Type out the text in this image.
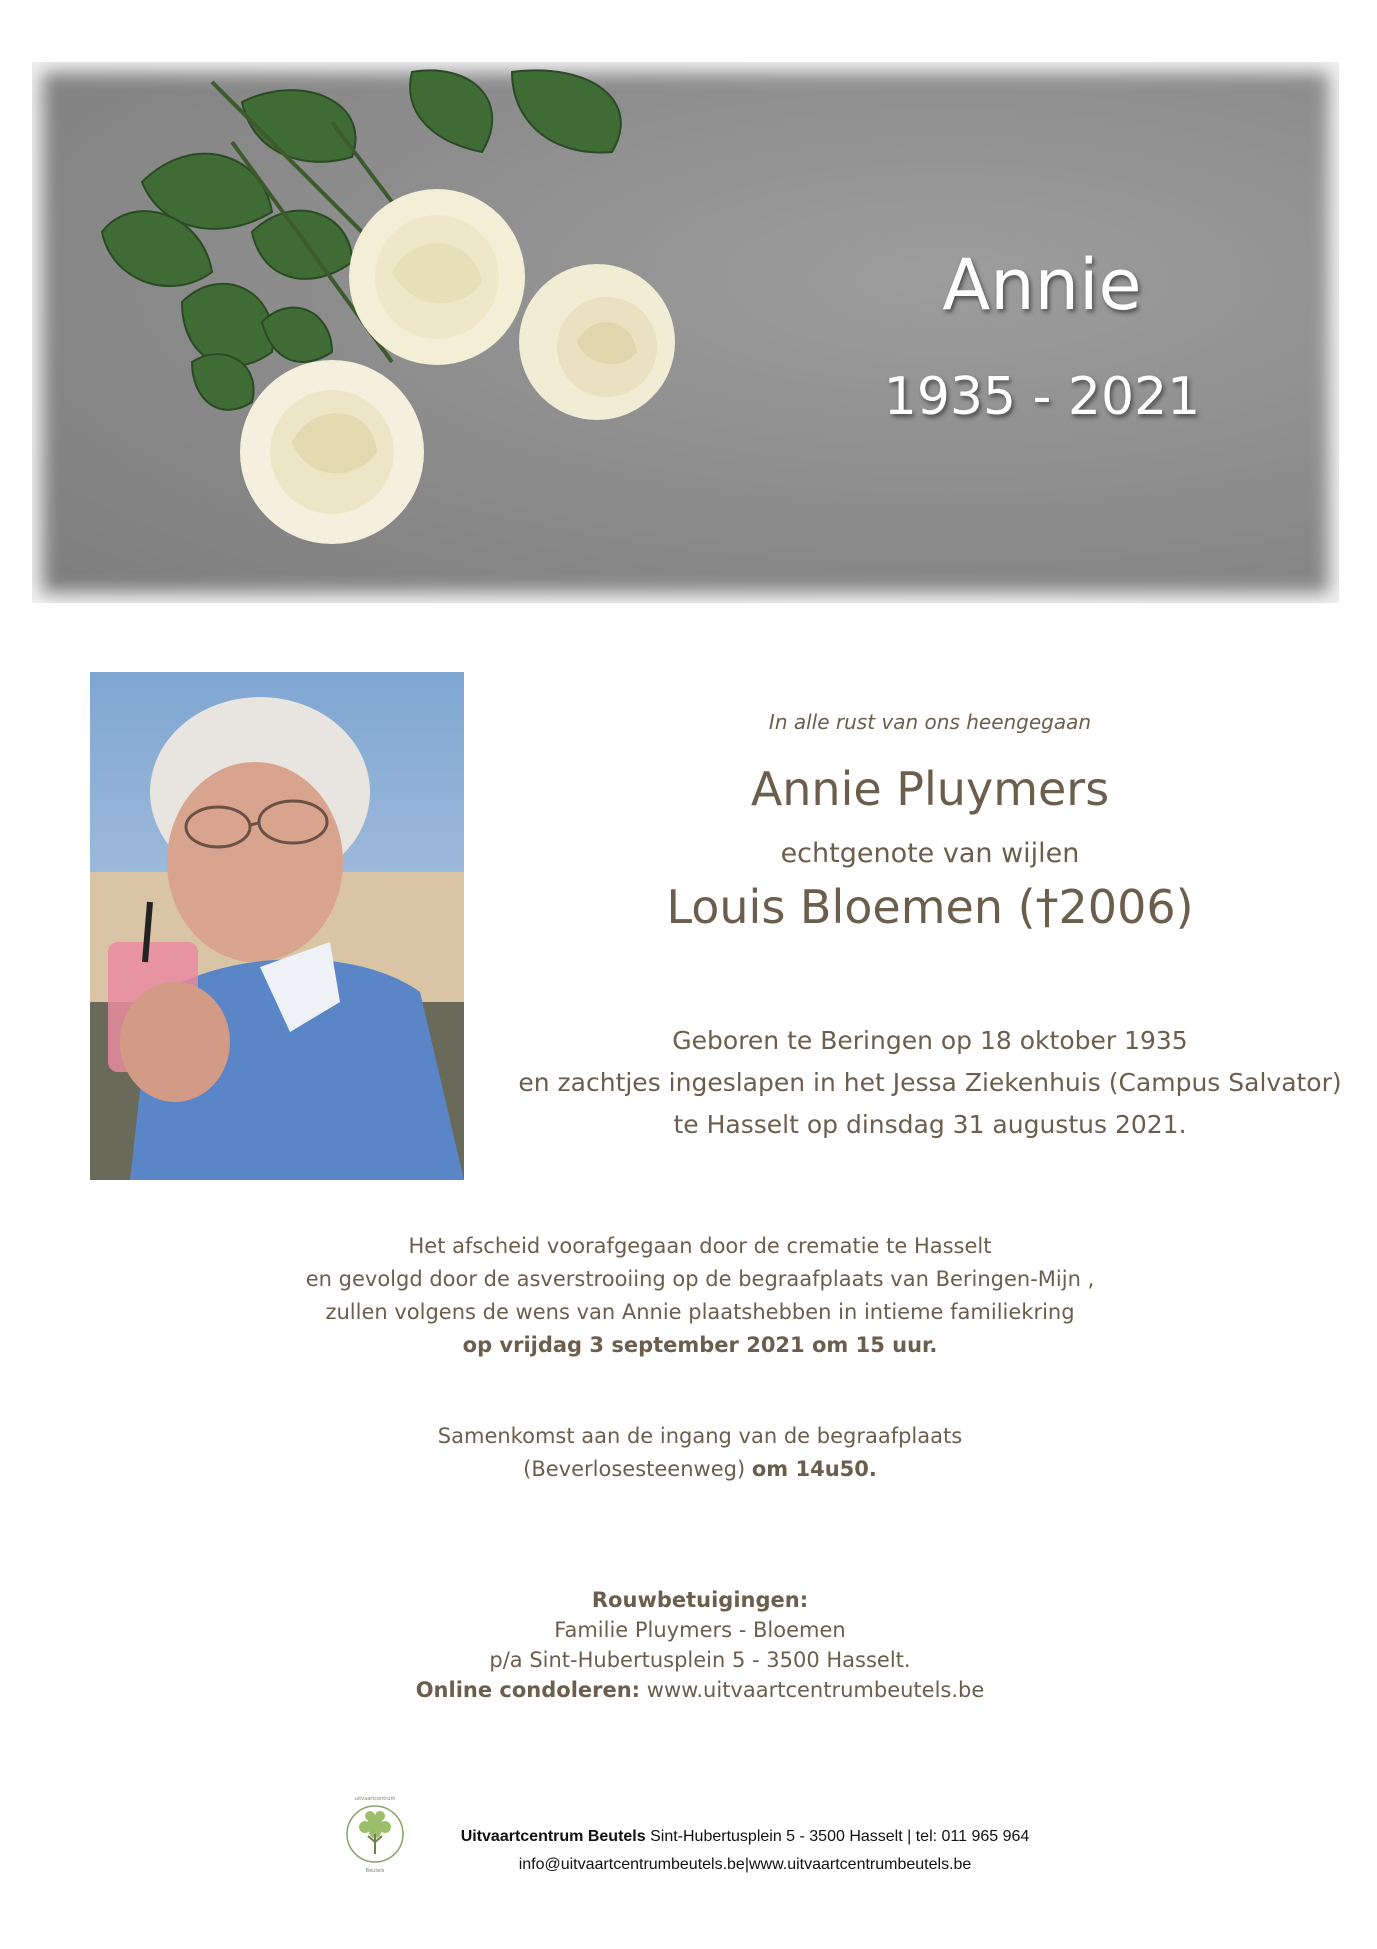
Annie
1935 - 2021
In alle rust van ons heengegaan
Annie Pluymers
echtgenote van wijlen
Louis Bloemen (†2006)
Geboren te Beringen op 18 oktober 1935
en zachtjes ingeslapen in het Jessa Ziekenhuis (Campus Salvator)
te Hasselt op dinsdag 31 augustus 2021.
Het afscheid voorafgegaan door de crematie te Hasselt
en gevolgd door de asverstrooiing op de begraafplaats van Beringen-Mijn ,
zullen volgens de wens van Annie plaatshebben in intieme familiekring
op vrijdag 3 september 2021 om 15 uur.
Samenkomst aan de ingang van de begraafplaats
(Beverlosesteenweg) om 14u50.
Rouwbetuigingen:
Familie Pluymers - Bloemen
p/a Sint-Hubertusplein 5 - 3500 Hasselt.
Online condoleren: www.uitvaartcentrumbeutels.be
uitvaartcentrum
Beutels
Uitvaartcentrum Beutels Sint-Hubertusplein 5 - 3500 Hasselt | tel: 011 965 964
info@uitvaartcentrumbeutels.be|www.uitvaartcentrumbeutels.be
